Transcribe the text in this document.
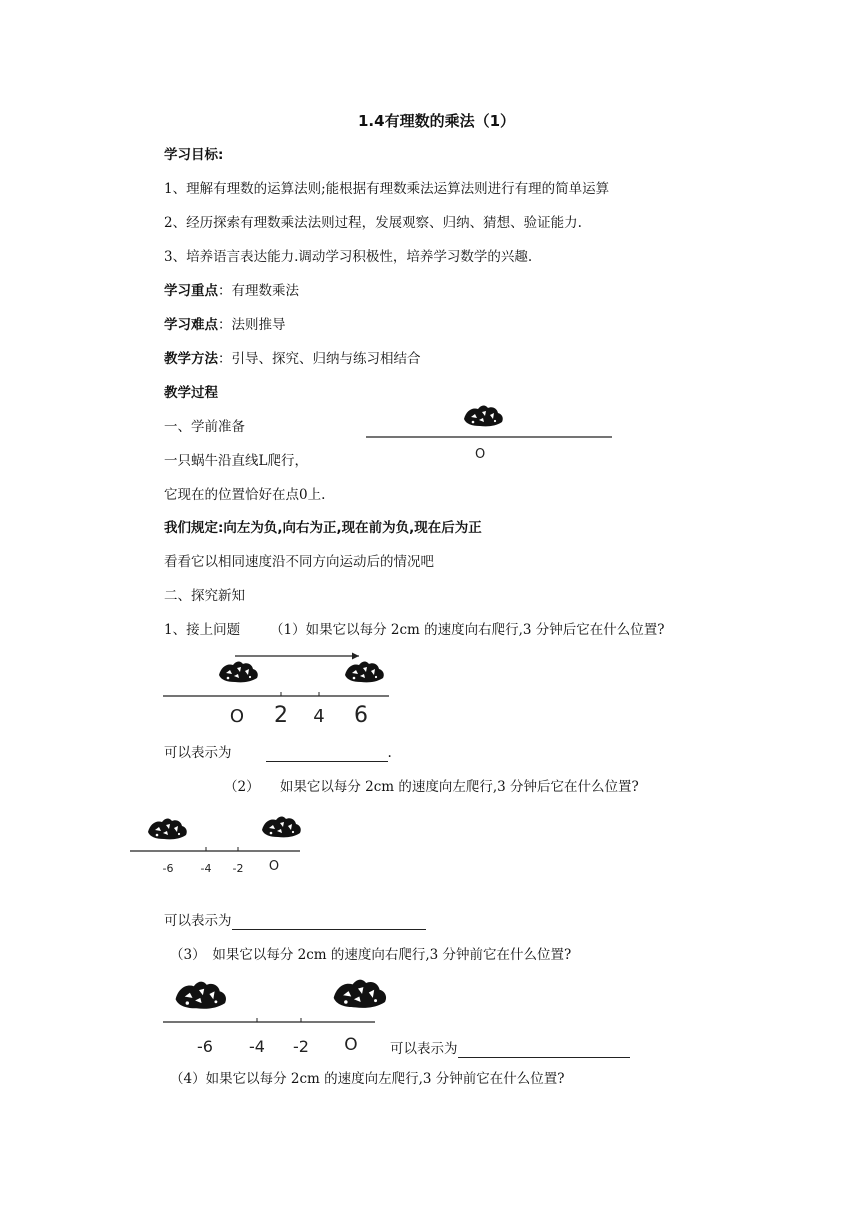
1.4有理数的乘法（1）
学习目标:
1、理解有理数的运算法则;能根据有理数乘法运算法则进行有理的简单运算
2、经历探索有理数乘法法则过程，发展观察、归纳、猜想、验证能力.
3、培养语言表达能力.调动学习积极性，培养学习数学的兴趣.
学习重点：有理数乘法
学习难点：法则推导
教学方法：引导、探究、归纳与练习相结合
教学过程
一、学前准备
一只蜗牛沿直线L爬行，
它现在的位置恰好在点0上.
O
我们规定:向左为负,向右为正,现在前为负,现在后为正
看看它以相同速度沿不同方向运动后的情况吧
二、探究新知
1、接上问题 （1）如果它以每分 2cm 的速度向右爬行,3 分钟后它在什么位置?
O 2 4 6
可以表示为	.
（2）　　如果它以每分 2cm 的速度向左爬行,3 分钟后它在什么位置?
-6 -4 -2 O
可以表示为
（3）　如果它以每分 2cm 的速度向右爬行,3 分钟前它在什么位置?
-6 -4 -2 O 可以表示为
（4）如果它以每分 2cm 的速度向左爬行,3 分钟前它在什么位置?
